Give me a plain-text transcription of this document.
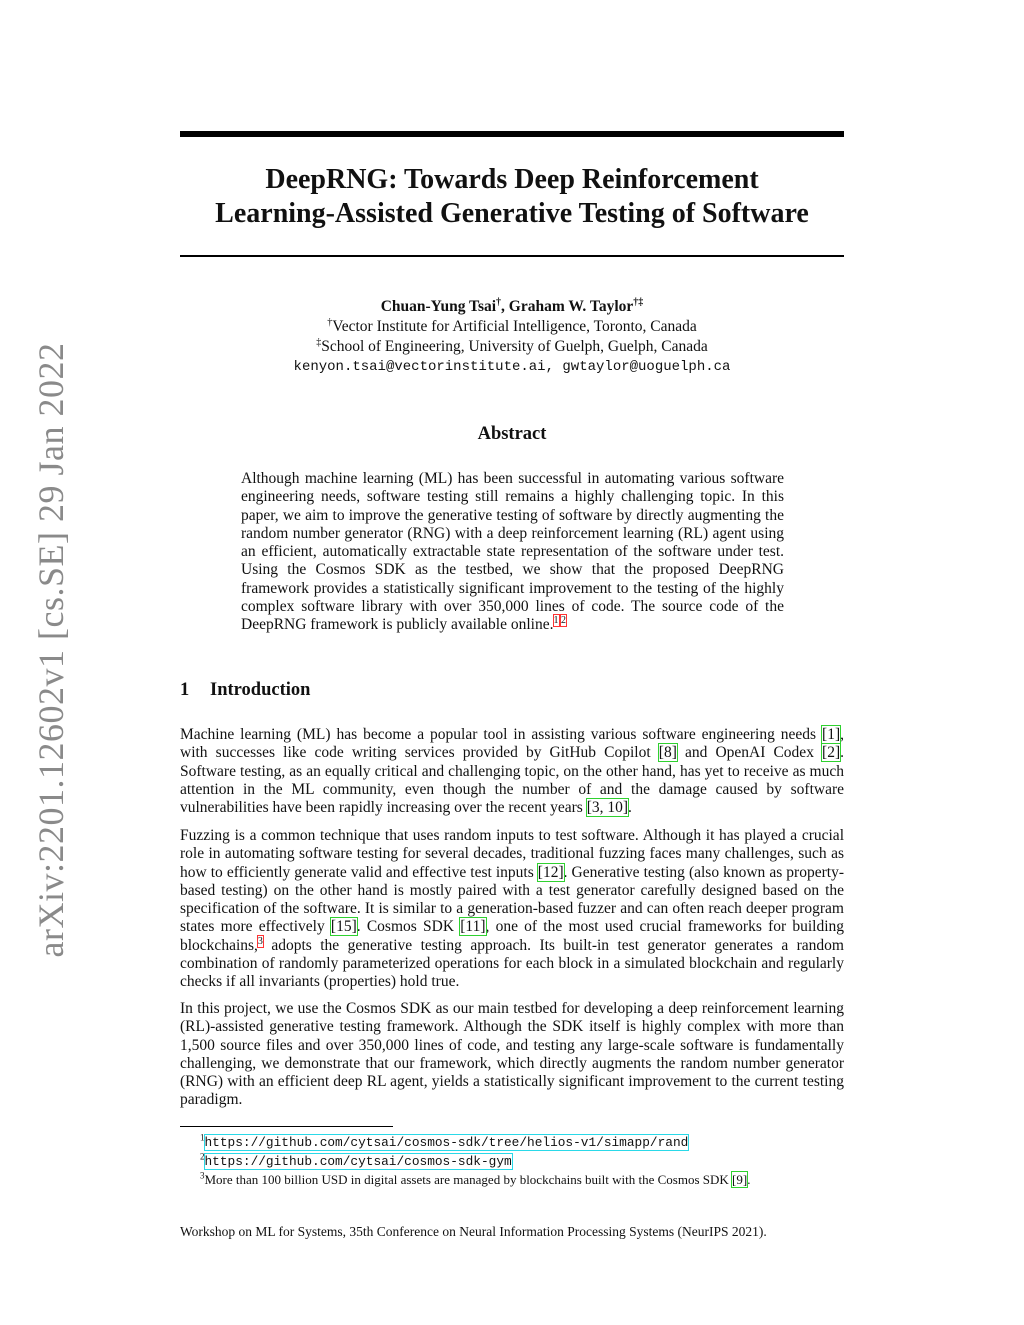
arXiv:2201.12602v1 [cs.SE] 29 Jan 2022
DeepRNG: Towards Deep Reinforcement
Learning-Assisted Generative Testing of Software
Chuan-Yung Tsai†, Graham W. Taylor†‡
†Vector Institute for Artificial Intelligence, Toronto, Canada
‡School of Engineering, University of Guelph, Guelph, Canada
kenyon.tsai@vectorinstitute.ai, gwtaylor@uoguelph.ca
Abstract
Although machine learning (ML) has been successful in automating various software engineering needs, software testing still remains a highly challenging topic. In this paper, we aim to improve the generative testing of software by directly augmenting the random number generator (RNG) with a deep reinforcement learning (RL) agent using an efficient, automatically extractable state representation of the software under test. Using the Cosmos SDK as the testbed, we show that the proposed DeepRNG framework provides a statistically significant improvement to the testing of the highly complex software library with over 350,000 lines of code. The source code of the DeepRNG framework is publicly available online.$^{1,2}$
1 Introduction
Machine learning (ML) has become a popular tool in assisting various software engineering needs [1], with successes like code writing services provided by GitHub Copilot [8] and OpenAI Codex [2]. Software testing, as an equally critical and challenging topic, on the other hand, has yet to receive as much attention in the ML community, even though the number of and the damage caused by software vulnerabilities have been rapidly increasing over the recent years [3, 10].
Fuzzing is a common technique that uses random inputs to test software. Although it has played a crucial role in automating software testing for several decades, traditional fuzzing faces many challenges, such as how to efficiently generate valid and effective test inputs [12]. Generative testing (also known as property-based testing) on the other hand is mostly paired with a test generator carefully designed based on the specification of the software. It is similar to a generation-based fuzzer and can often reach deeper program states more effectively [15]. Cosmos SDK [11], one of the most used crucial frameworks for building blockchains,$^3$ adopts the generative testing approach. Its built-in test generator generates a random combination of randomly parameterized operations for each block in a simulated blockchain and regularly checks if all invariants (properties) hold true.
In this project, we use the Cosmos SDK as our main testbed for developing a deep reinforcement learning (RL)-assisted generative testing framework. Although the SDK itself is highly complex with more than 1,500 source files and over 350,000 lines of code, and testing any large-scale software is fundamentally challenging, we demonstrate that our framework, which directly augments the random number generator (RNG) with an efficient deep RL agent, yields a statistically significant improvement to the current testing paradigm.
$^1$https://github.com/cytsai/cosmos-sdk/tree/helios-v1/simapp/rand
$^2$https://github.com/cytsai/cosmos-sdk-gym
$^3$More than 100 billion USD in digital assets are managed by blockchains built with the Cosmos SDK [9].
Workshop on ML for Systems, 35th Conference on Neural Information Processing Systems (NeurIPS 2021).
